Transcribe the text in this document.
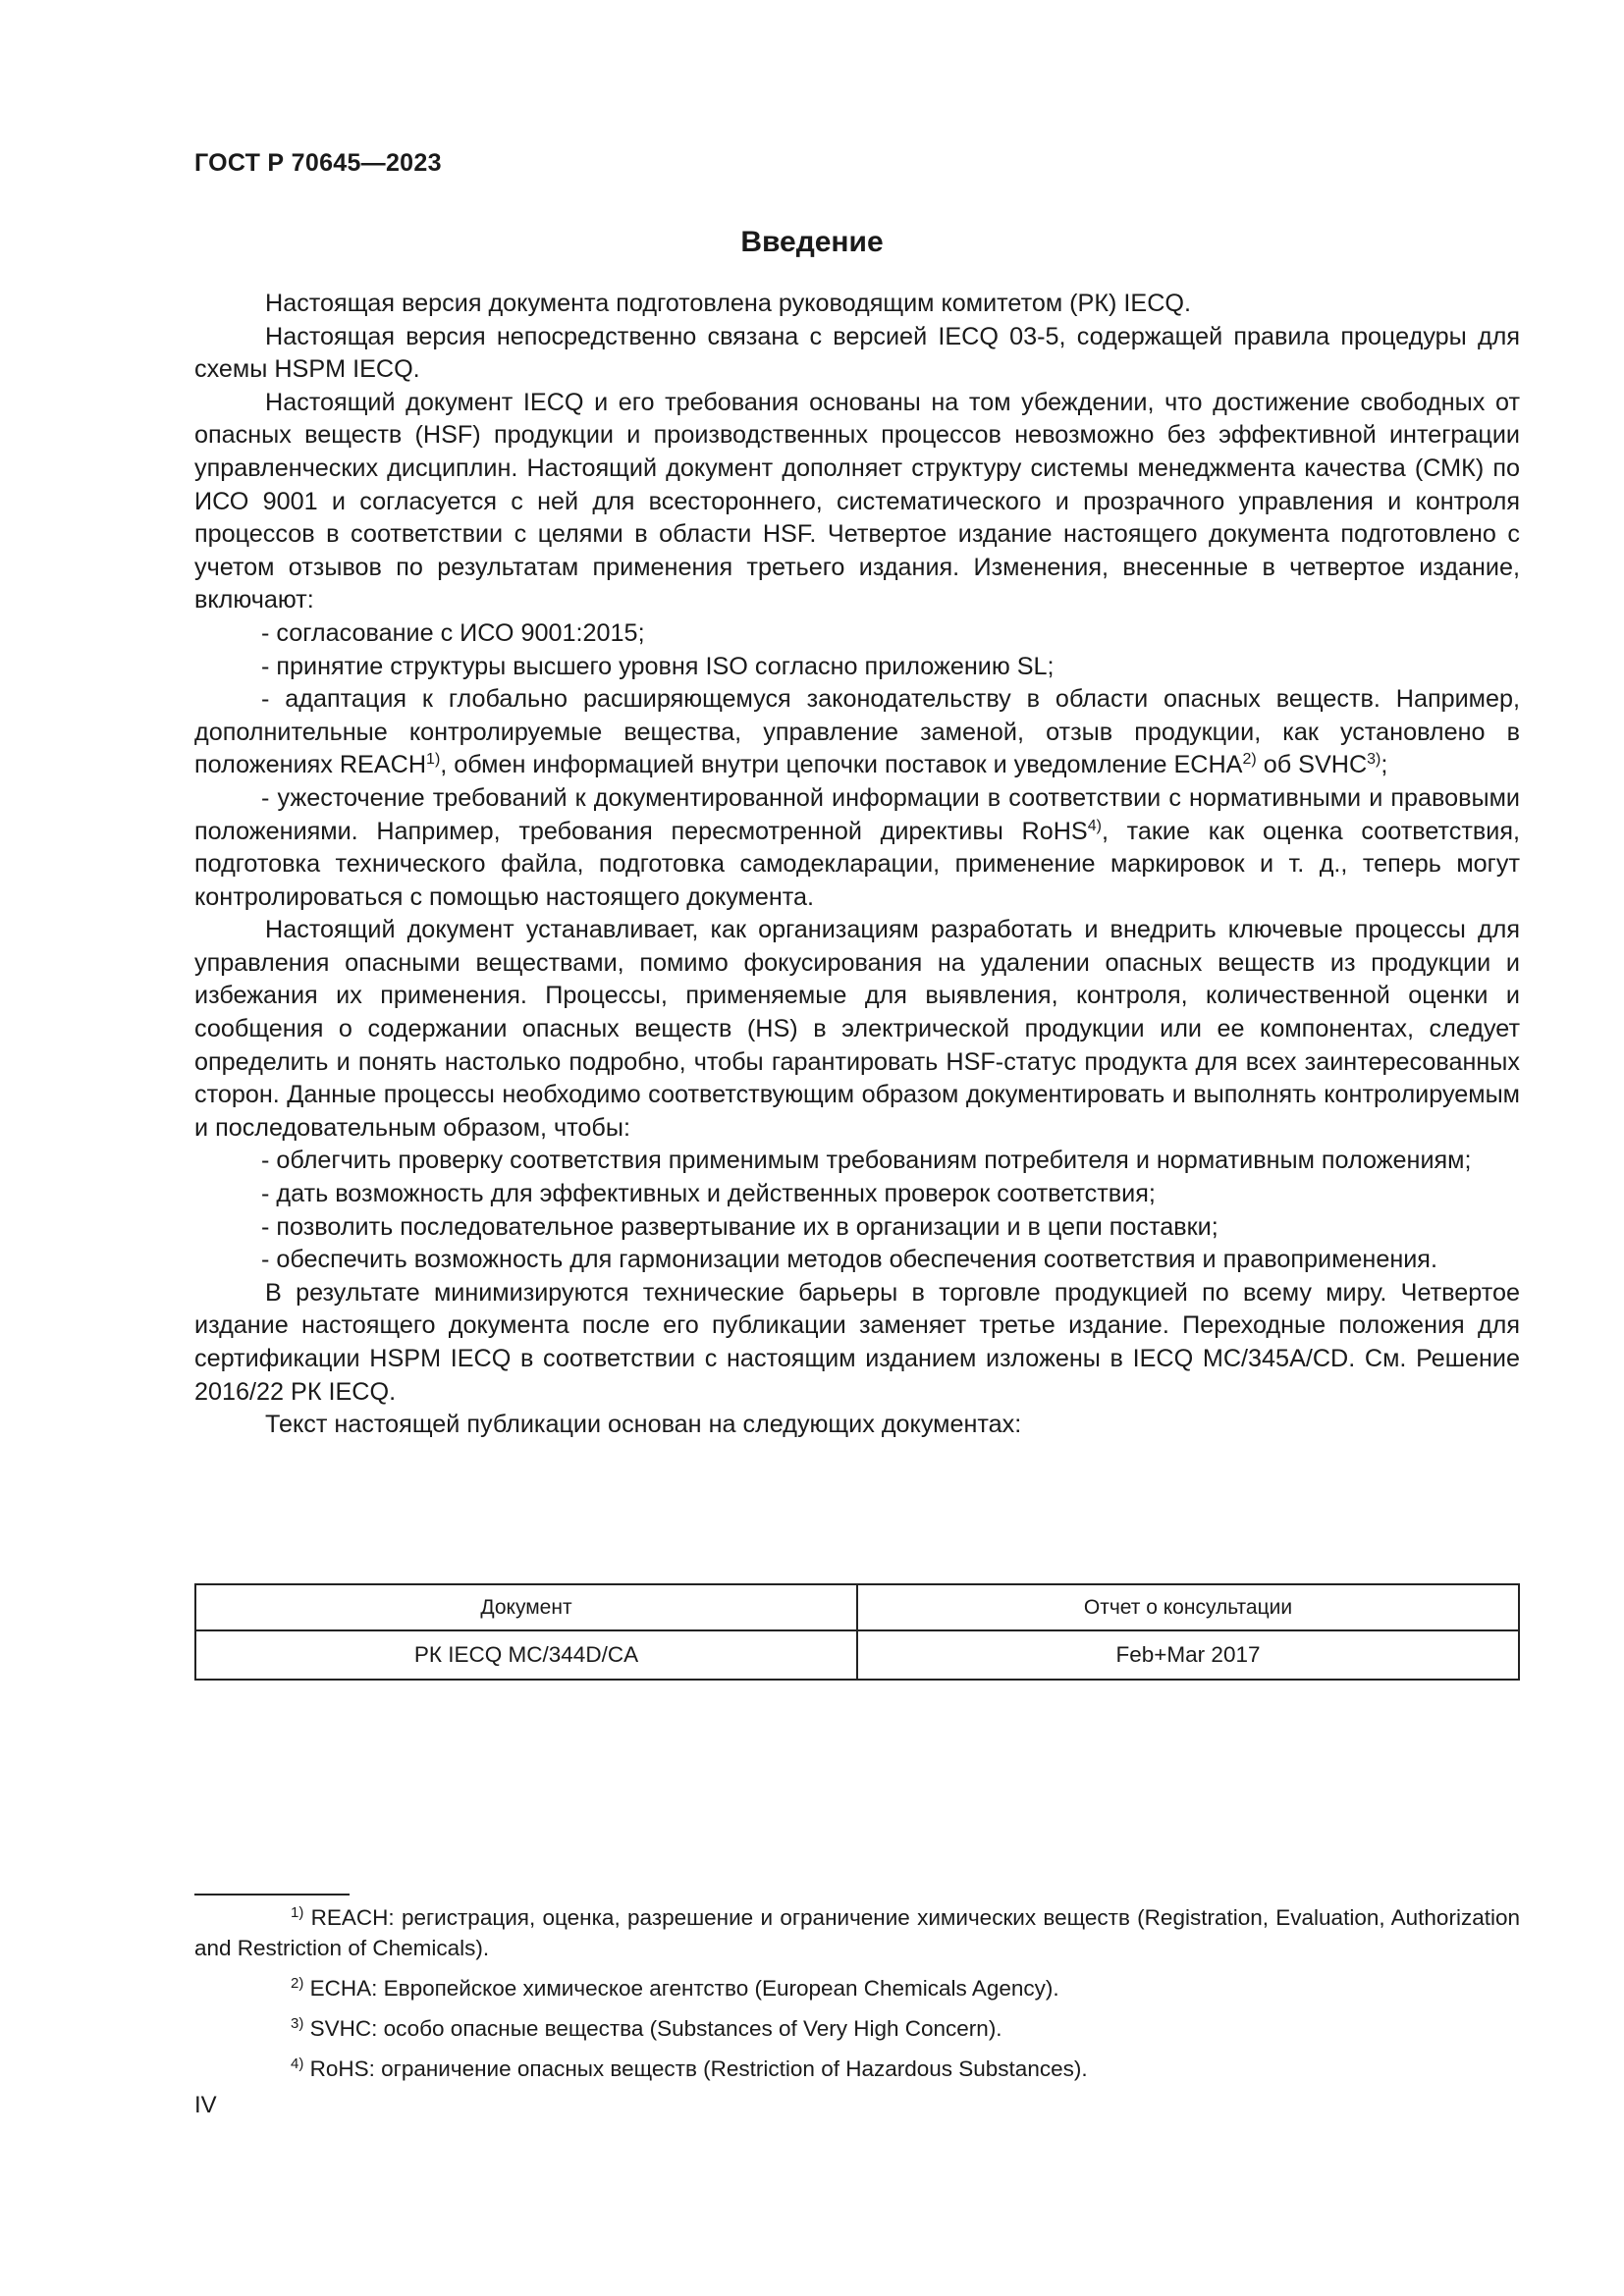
ГОСТ Р 70645—2023
Введение

Настоящая версия документа подготовлена руководящим комитетом (РК) IECQ.

Настоящая версия непосредственно связана с версией IECQ 03-5, содержащей правила процедуры для схемы HSPM IECQ.

Настоящий документ IECQ и его требования основаны на том убеждении, что достижение свободных от опасных веществ (HSF) продукции и производственных процессов невозможно без эффективной интеграции управленческих дисциплин. Настоящий документ дополняет структуру системы менеджмента качества (СМК) по ИСО 9001 и согласуется с ней для всестороннего, систематического и прозрачного управления и контроля процессов в соответствии с целями в области HSF. Четвертое издание настоящего документа подготовлено с учетом отзывов по результатам применения третьего издания. Изменения, внесенные в четвертое издание, включают:

- согласование с ИСО 9001:2015;

- принятие структуры высшего уровня ISO согласно приложению SL;

- адаптация к глобально расширяющемуся законодательству в области опасных веществ. Например, дополнительные контролируемые вещества, управление заменой, отзыв продукции, как установлено в положениях REACH$^{1)}$, обмен информацией внутри цепочки поставок и уведомление ECHA$^{2)}$ об SVHC$^{3)}$;

- ужесточение требований к документированной информации в соответствии с нормативными и правовыми положениями. Например, требования пересмотренной директивы RoHS$^{4)}$, такие как оценка соответствия, подготовка технического файла, подготовка самодекларации, применение маркировок и т. д., теперь могут контролироваться с помощью настоящего документа.

Настоящий документ устанавливает, как организациям разработать и внедрить ключевые процессы для управления опасными веществами, помимо фокусирования на удалении опасных веществ из продукции и избежания их применения. Процессы, применяемые для выявления, контроля, количественной оценки и сообщения о содержании опасных веществ (HS) в электрической продукции или ее компонентах, следует определить и понять настолько подробно, чтобы гарантировать HSF-статус продукта для всех заинтересованных сторон. Данные процессы необходимо соответствующим образом документировать и выполнять контролируемым и последовательным образом, чтобы:

- облегчить проверку соответствия применимым требованиям потребителя и нормативным положениям;

- дать возможность для эффективных и действенных проверок соответствия;

- позволить последовательное развертывание их в организации и в цепи поставки;

- обеспечить возможность для гармонизации методов обеспечения соответствия и правоприменения.

В результате минимизируются технические барьеры в торговле продукцией по всему миру. Четвертое издание настоящего документа после его публикации заменяет третье издание. Переходные положения для сертификации HSPM IECQ в соответствии с настоящим изданием изложены в IECQ MC/345A/CD. См. Решение 2016/22 РК IECQ.

Текст настоящей публикации основан на следующих документах:

Документ	Отчет о консультации
РК IECQ MC/344D/CA	Feb+Mar 2017

$^{1)}$ REACH: регистрация, оценка, разрешение и ограничение химических веществ (Registration, Evaluation, Authorization and Restriction of Chemicals).

$^{2)}$ ECHA: Европейское химическое агентство (European Chemicals Agency).

$^{3)}$ SVHC: особо опасные вещества (Substances of Very High Concern).

$^{4)}$ RoHS: ограничение опасных веществ (Restriction of Hazardous Substances).

IV
